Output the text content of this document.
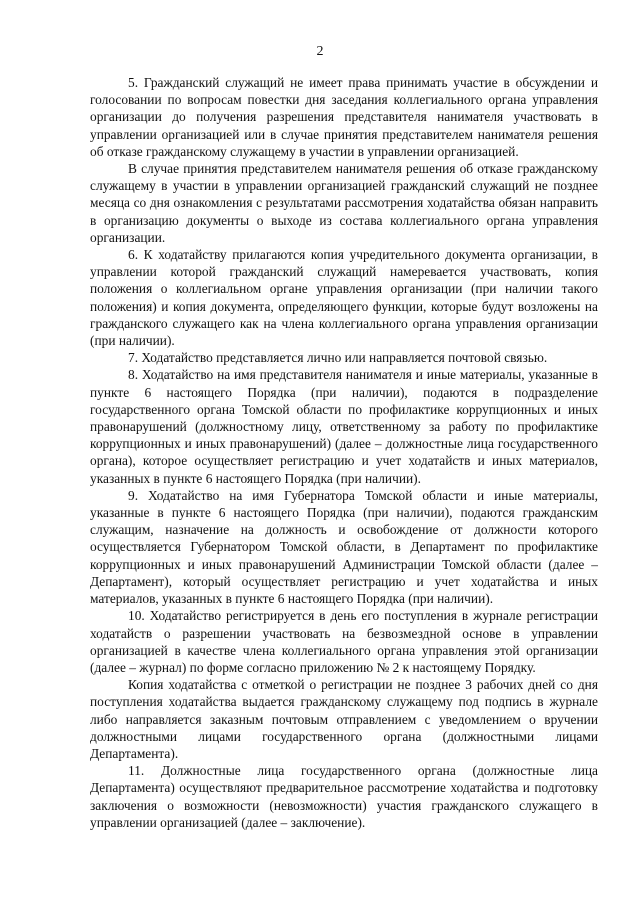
2

5. Гражданский служащий не имеет права принимать участие в обсуждении и голосовании по вопросам повестки дня заседания коллегиального органа управления организации до получения разрешения представителя нанимателя участвовать в управлении организацией или в случае принятия представителем нанимателя решения об отказе гражданскому служащему в участии в управлении организацией.

В случае принятия представителем нанимателя решения об отказе гражданскому служащему в участии в управлении организацией гражданский служащий не позднее месяца со дня ознакомления с результатами рассмотрения ходатайства обязан направить в организацию документы о выходе из состава коллегиального органа управления организации.

6. К ходатайству прилагаются копия учредительного документа организации, в управлении которой гражданский служащий намеревается участвовать, копия положения о коллегиальном органе управления организации (при наличии такого положения) и копия документа, определяющего функции, которые будут возложены на гражданского служащего как на члена коллегиального органа управления организации (при наличии).

7. Ходатайство представляется лично или направляется почтовой связью.

8. Ходатайство на имя представителя нанимателя и иные материалы, указанные в пункте 6 настоящего Порядка (при наличии), подаются в подразделение государственного органа Томской области по профилактике коррупционных и иных правонарушений (должностному лицу, ответственному за работу по профилактике коррупционных и иных правонарушений) (далее – должностные лица государственного органа), которое осуществляет регистрацию и учет ходатайств и иных материалов, указанных в пункте 6 настоящего Порядка (при наличии).

9. Ходатайство на имя Губернатора Томской области и иные материалы, указанные в пункте 6 настоящего Порядка (при наличии), подаются гражданским служащим, назначение на должность и освобождение от должности которого осуществляется Губернатором Томской области, в Департамент по профилактике коррупционных и иных правонарушений Администрации Томской области (далее – Департамент), который осуществляет регистрацию и учет ходатайства и иных материалов, указанных в пункте 6 настоящего Порядка (при наличии).

10. Ходатайство регистрируется в день его поступления в журнале регистрации ходатайств о разрешении участвовать на безвозмездной основе в управлении организацией в качестве члена коллегиального органа управления этой организации (далее – журнал) по форме согласно приложению № 2 к настоящему Порядку.

Копия ходатайства с отметкой о регистрации не позднее 3 рабочих дней со дня поступления ходатайства выдается гражданскому служащему под подпись в журнале либо направляется заказным почтовым отправлением с уведомлением о вручении должностными лицами государственного органа (должностными лицами Департамента).

11. Должностные лица государственного органа (должностные лица Департамента) осуществляют предварительное рассмотрение ходатайства и подготовку заключения о возможности (невозможности) участия гражданского служащего в управлении организацией (далее – заключение).
